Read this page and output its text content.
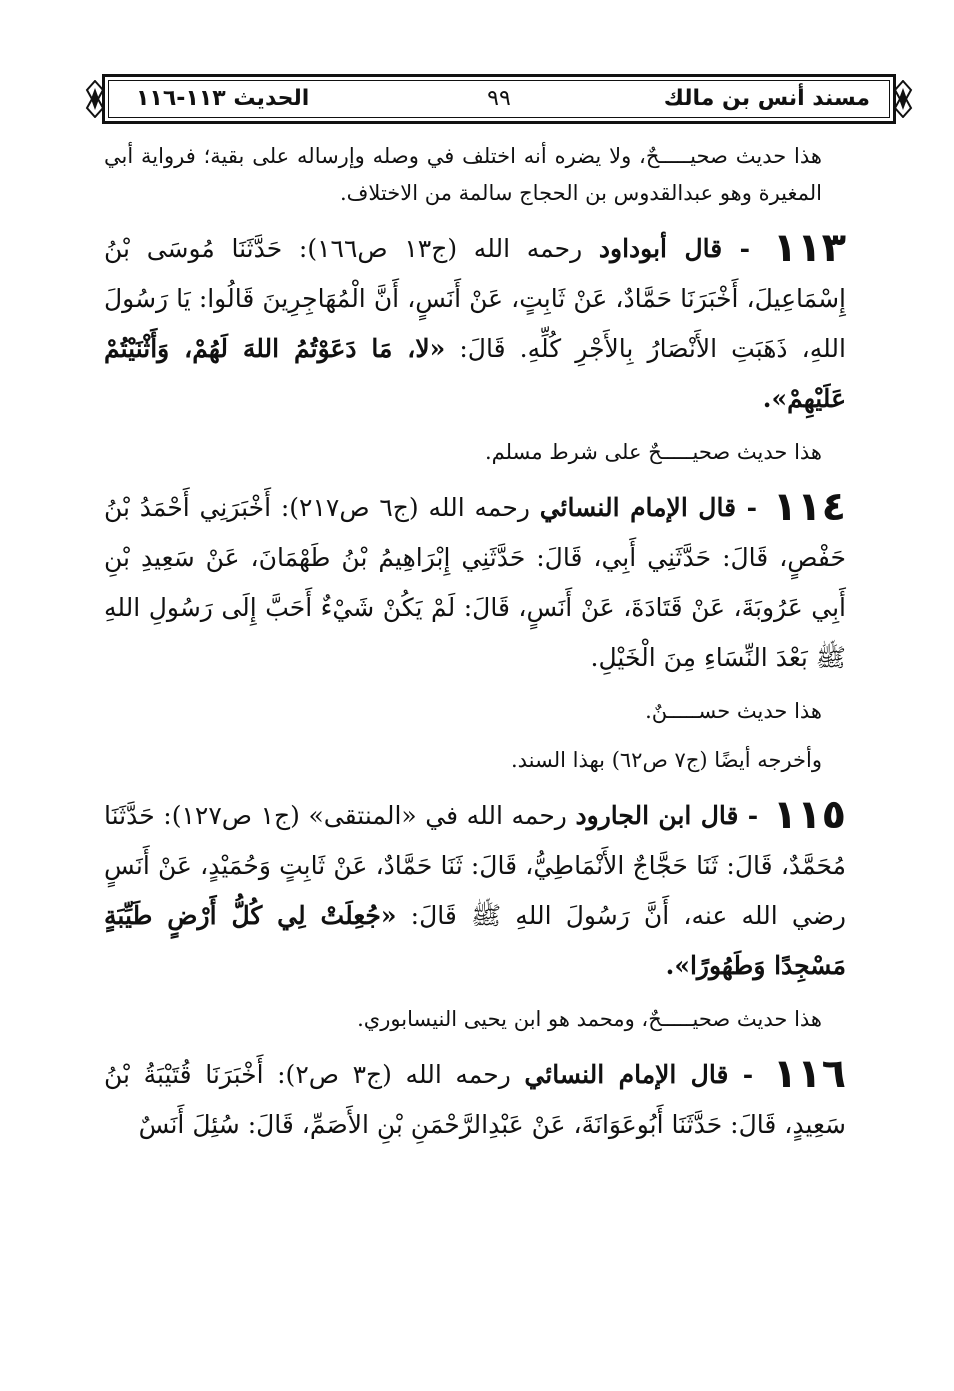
مسند أنس بن مالك
٩٩
الحديث ١١٣-١١٦

هذا حديث صحيـــــحٌ، ولا يضره أنه اختلف في وصله وإرساله على بقية؛ فرواية أبي المغيرة وهو عبدالقدوس بن الحجاج سالمة من الاختلاف.

١١٣ - قال أبوداود رحمه الله (ج١٣ ص١٦٦): حَدَّثَنَا مُوسَى بْنُ إِسْمَاعِيلَ، أَخْبَرَنَا حَمَّادٌ، عَنْ ثَابِتٍ، عَنْ أَنَسٍ، أَنَّ الْمُهَاجِرِينَ قَالُوا: يَا رَسُولَ اللهِ، ذَهَبَتِ الأَنْصَارُ بِالأَجْرِ كُلِّهِ. قَالَ: «لا، مَا دَعَوْتُمُ اللهَ لَهُمْ، وَأَثْنَيْتُمْ عَلَيْهِمْ».

هذا حديث صحيـــــحٌ على شرط مسلم.

١١٤ - قال الإمام النسائي رحمه الله (ج٦ ص٢١٧): أَخْبَرَنِي أَحْمَدُ بْنُ حَفْصٍ، قَالَ: حَدَّثَنِي أَبِي، قَالَ: حَدَّثَنِي إِبْرَاهِيمُ بْنُ طَهْمَانَ، عَنْ سَعِيدِ بْنِ أَبِي عَرُوبَةَ، عَنْ قَتَادَةَ، عَنْ أَنَسٍ، قَالَ: لَمْ يَكُنْ شَيْءٌ أَحَبَّ إِلَى رَسُولِ اللهِ ﷺ بَعْدَ النِّسَاءِ مِنَ الْخَيْلِ.

هذا حديث حســـــنٌ.

وأخرجه أيضًا (ج٧ ص٦٢) بهذا السند.

١١٥ - قال ابن الجارود رحمه الله في «المنتقى» (ج١ ص١٢٧): حَدَّثَنَا مُحَمَّدٌ، قَالَ: ثَنَا حَجَّاجٌ الأَنْمَاطِيُّ، قَالَ: ثَنَا حَمَّادٌ، عَنْ ثَابِتٍ وَحُمَيْدٍ، عَنْ أَنَسٍ رضي الله عنه، أَنَّ رَسُولَ اللهِ ﷺ قَالَ: «جُعِلَتْ لِي كُلُّ أَرْضٍ طَيِّبَةٍ مَسْجِدًا وَطَهُورًا».

هذا حديث صحيـــــحٌ، ومحمد هو ابن يحيى النيسابوري.

١١٦ - قال الإمام النسائي رحمه الله (ج٣ ص٢): أَخْبَرَنَا قُتَيْبَةُ بْنُ سَعِيدٍ، قَالَ: حَدَّثَنَا أَبُوعَوَانَةَ، عَنْ عَبْدِالرَّحْمَنِ بْنِ الأَصَمِّ، قَالَ: سُئِلَ أَنَسٌ
